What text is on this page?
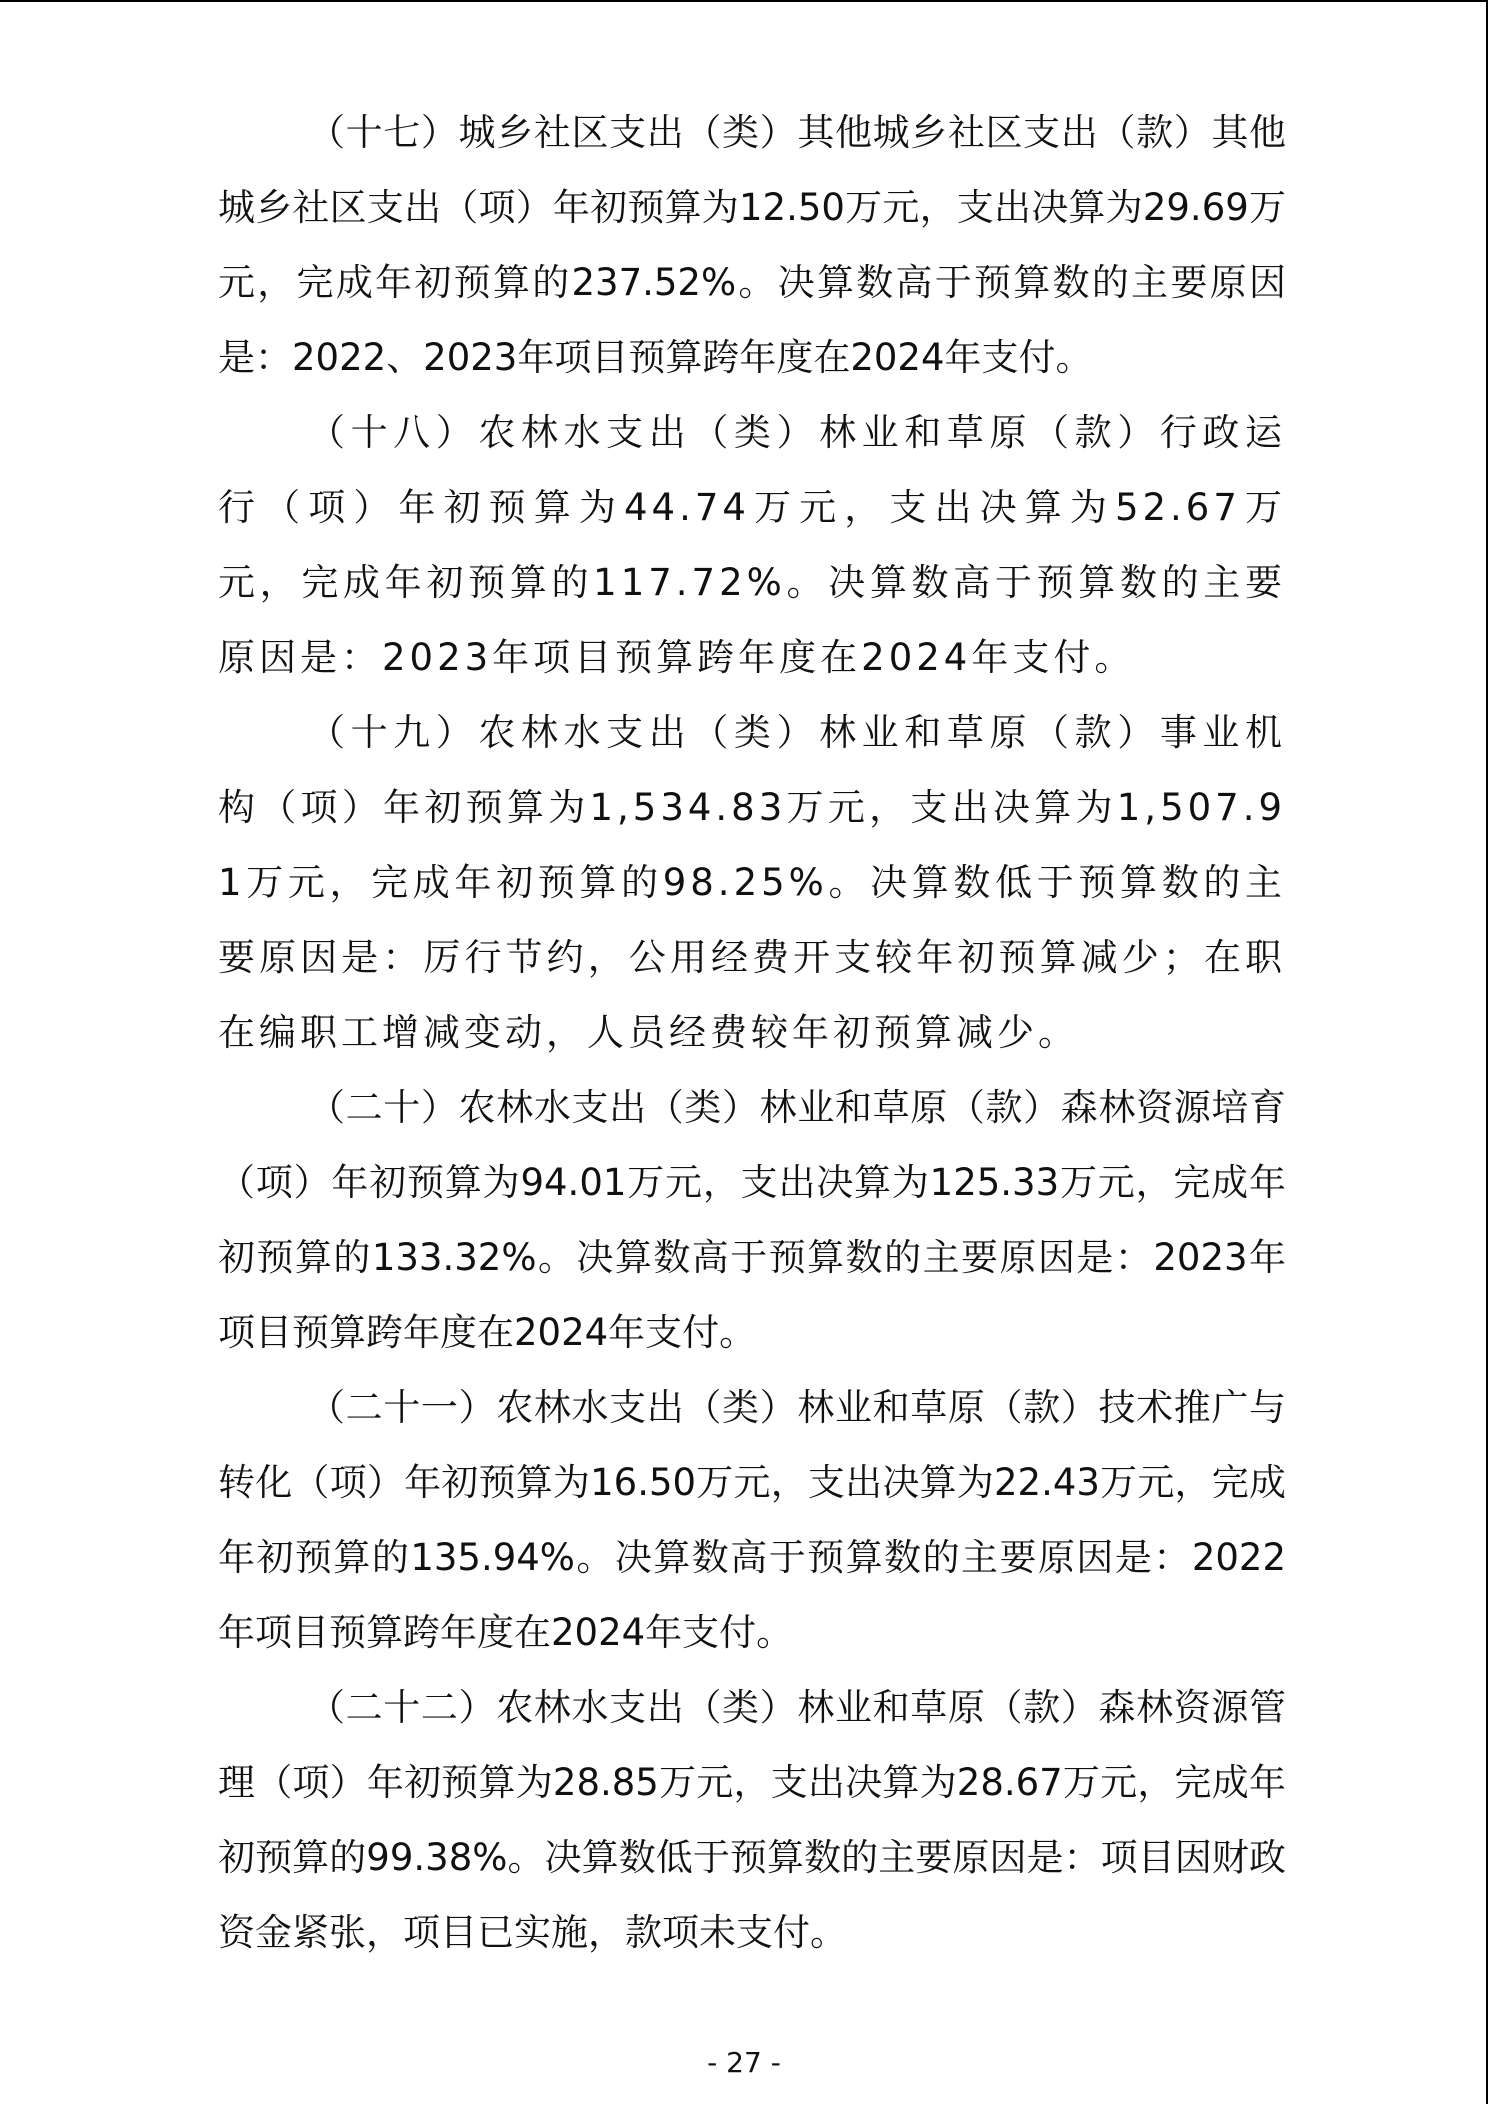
（十七）城乡社区支出（类）其他城乡社区支出（款）其他城乡社区支出（项）年初预算为12.50万元，支出决算为29.69万元，完成年初预算的237.52%。决算数高于预算数的主要原因是：2022、2023年项目预算跨年度在2024年支付。

（十八）农林水支出（类）林业和草原（款）行政运行（项）年初预算为44.74万元，支出决算为52.67万元，完成年初预算的117.72%。决算数高于预算数的主要原因是：2023年项目预算跨年度在2024年支付。

（十九）农林水支出（类）林业和草原（款）事业机构（项）年初预算为1,534.83万元，支出决算为1,507.91万元，完成年初预算的98.25%。决算数低于预算数的主要原因是：厉行节约，公用经费开支较年初预算减少；在职在编职工增减变动，人员经费较年初预算减少。

（二十）农林水支出（类）林业和草原（款）森林资源培育（项）年初预算为94.01万元，支出决算为125.33万元，完成年初预算的133.32%。决算数高于预算数的主要原因是：2023年项目预算跨年度在2024年支付。

（二十一）农林水支出（类）林业和草原（款）技术推广与转化（项）年初预算为16.50万元，支出决算为22.43万元，完成年初预算的135.94%。决算数高于预算数的主要原因是：2022年项目预算跨年度在2024年支付。

（二十二）农林水支出（类）林业和草原（款）森林资源管理（项）年初预算为28.85万元，支出决算为28.67万元，完成年初预算的99.38%。决算数低于预算数的主要原因是：项目因财政资金紧张，项目已实施，款项未支付。

- 27 -
